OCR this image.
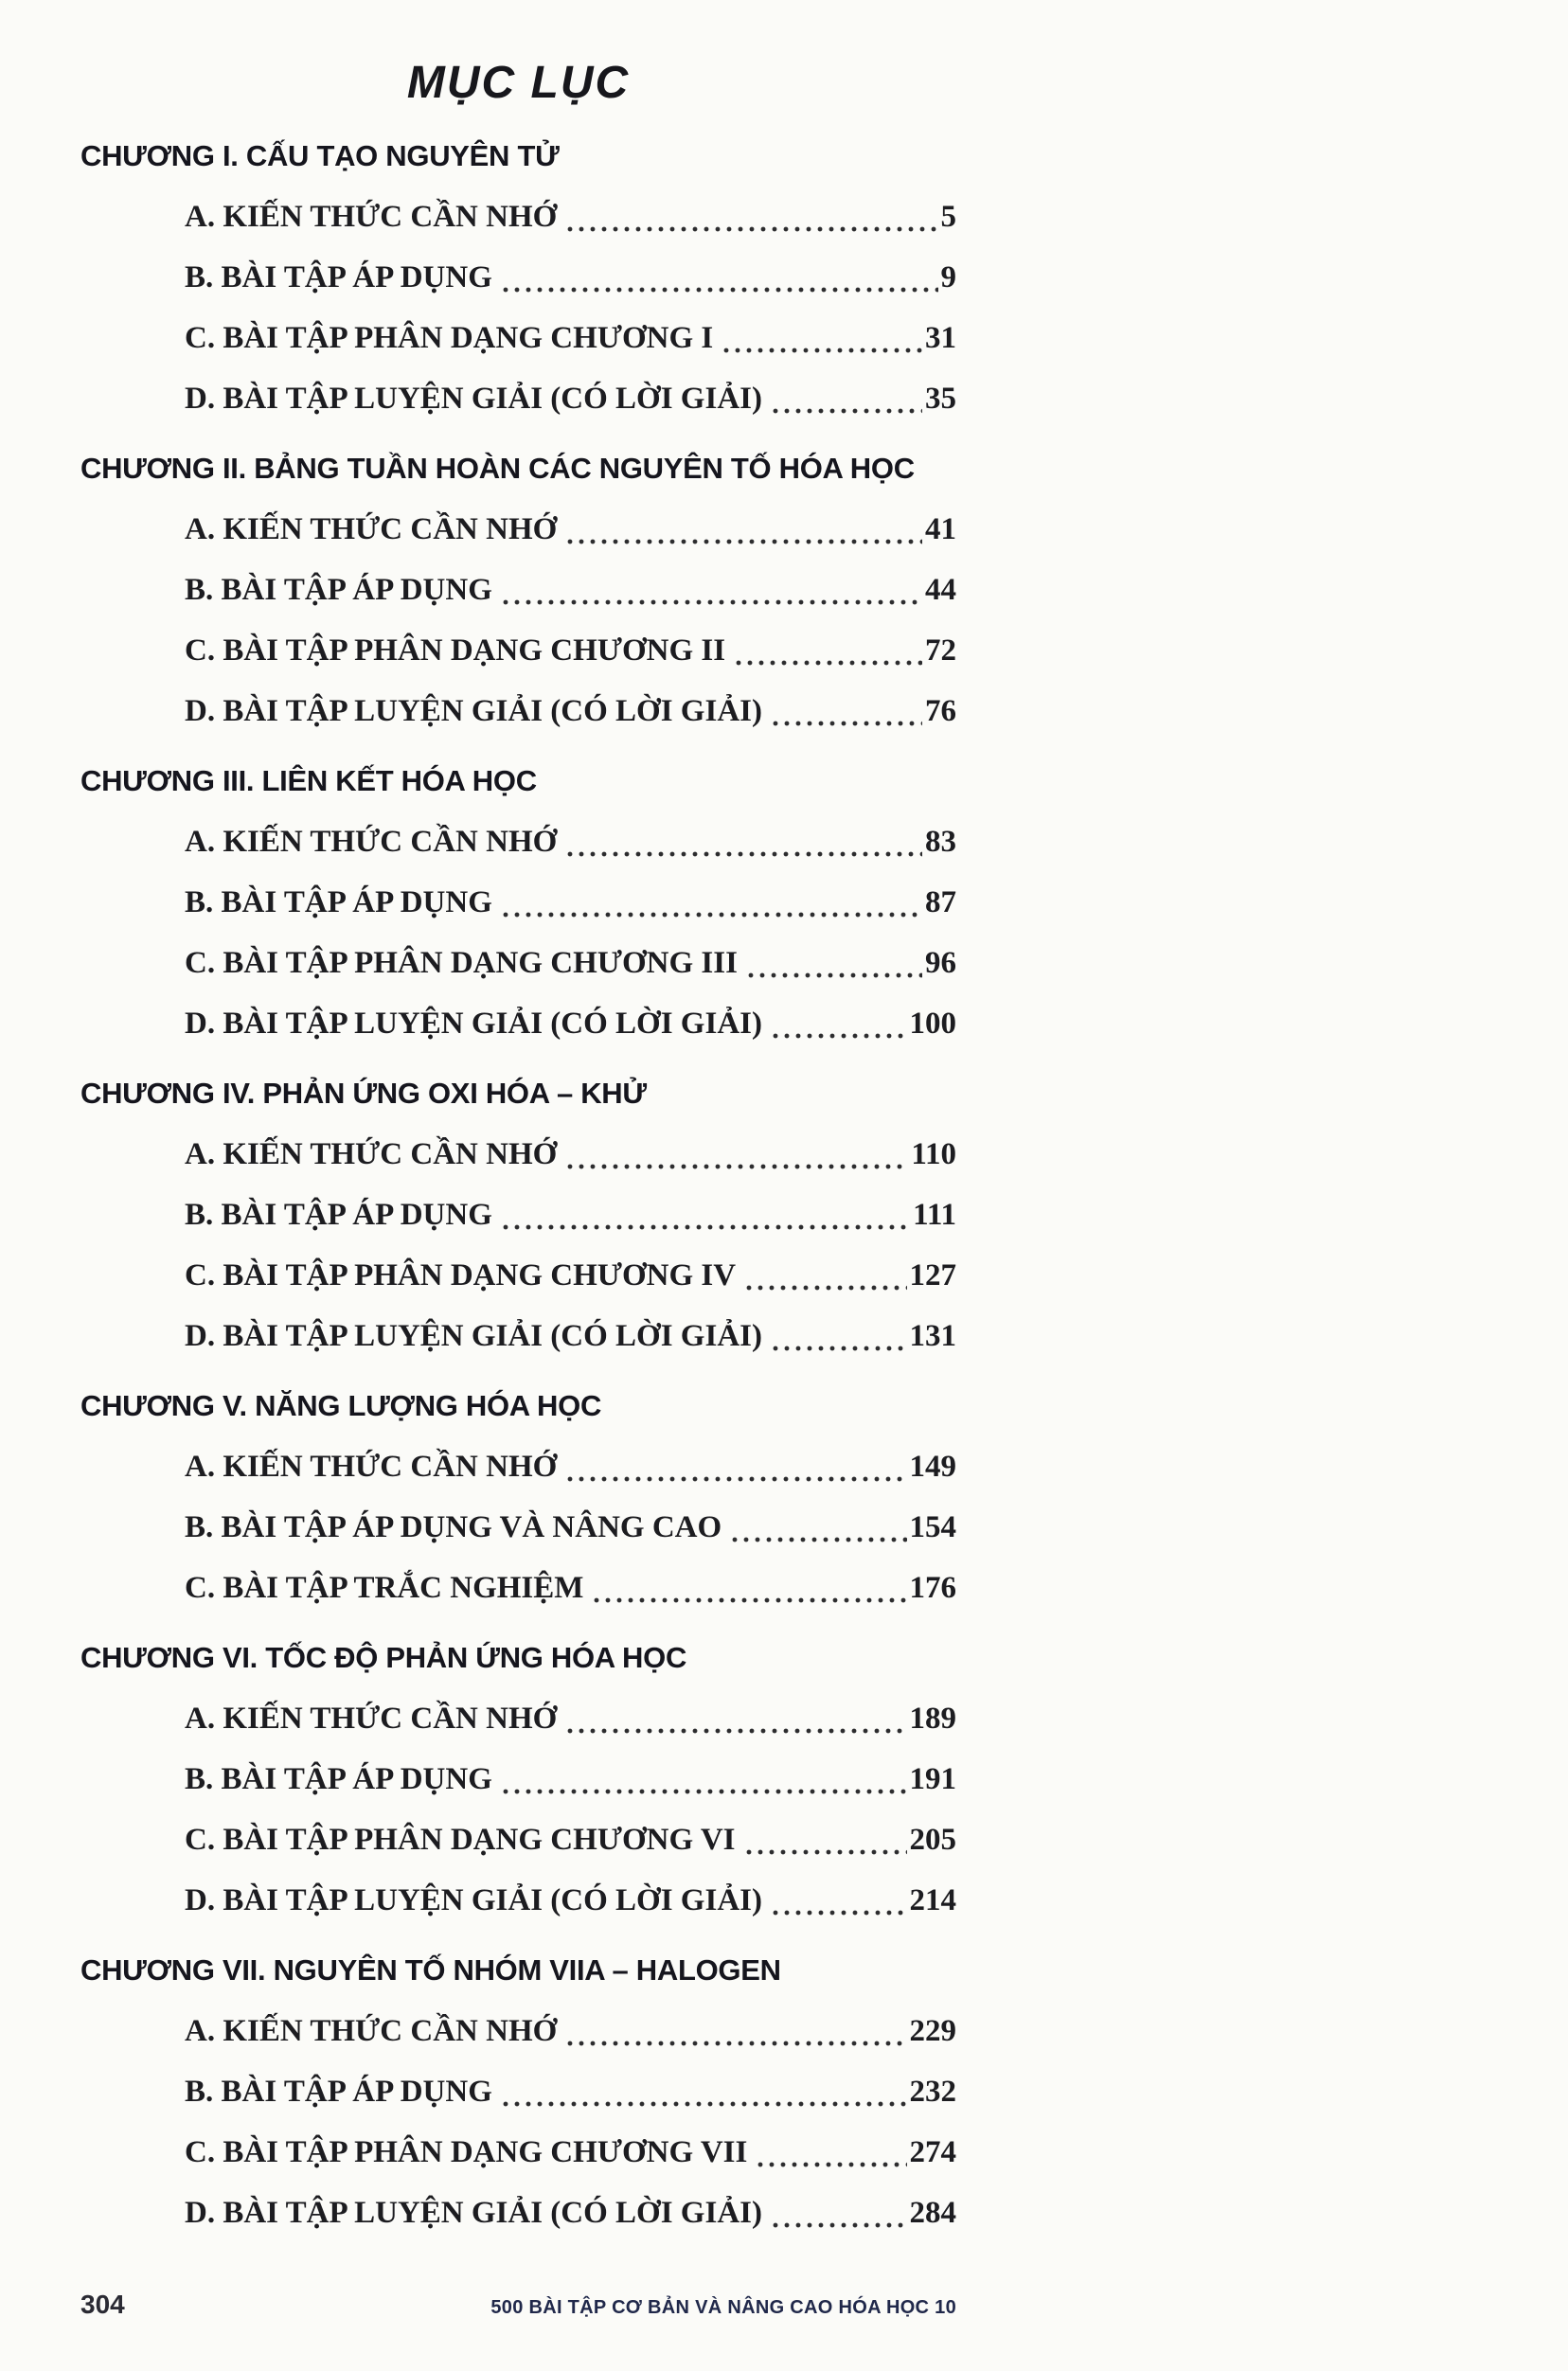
MỤC LỤC
CHƯƠNG I. CẤU TẠO NGUYÊN TỬ
A. KIẾN THỨC CẦN NHỚ	5
B. BÀI TẬP ÁP DỤNG	9
C. BÀI TẬP PHÂN DẠNG CHƯƠNG I	31
D. BÀI TẬP LUYỆN GIẢI (CÓ LỜI GIẢI)	35
CHƯƠNG II. BẢNG TUẦN HOÀN CÁC NGUYÊN TỐ HÓA HỌC
A. KIẾN THỨC CẦN NHỚ	41
B. BÀI TẬP ÁP DỤNG	44
C. BÀI TẬP PHÂN DẠNG CHƯƠNG II	72
D. BÀI TẬP LUYỆN GIẢI (CÓ LỜI GIẢI)	76
CHƯƠNG III. LIÊN KẾT HÓA HỌC
A. KIẾN THỨC CẦN NHỚ	83
B. BÀI TẬP ÁP DỤNG	87
C. BÀI TẬP PHÂN DẠNG CHƯƠNG III	96
D. BÀI TẬP LUYỆN GIẢI (CÓ LỜI GIẢI)	100
CHƯƠNG IV. PHẢN ỨNG OXI HÓA – KHỬ
A. KIẾN THỨC CẦN NHỚ	110
B. BÀI TẬP ÁP DỤNG	111
C. BÀI TẬP PHÂN DẠNG CHƯƠNG IV	127
D. BÀI TẬP LUYỆN GIẢI (CÓ LỜI GIẢI)	131
CHƯƠNG V. NĂNG LƯỢNG HÓA HỌC
A. KIẾN THỨC CẦN NHỚ	149
B. BÀI TẬP ÁP DỤNG VÀ NÂNG CAO	154
C. BÀI TẬP TRẮC NGHIỆM	176
CHƯƠNG VI. TỐC ĐỘ PHẢN ỨNG HÓA HỌC
A. KIẾN THỨC CẦN NHỚ	189
B. BÀI TẬP ÁP DỤNG	191
C. BÀI TẬP PHÂN DẠNG CHƯƠNG VI	205
D. BÀI TẬP LUYỆN GIẢI (CÓ LỜI GIẢI)	214
CHƯƠNG VII. NGUYÊN TỐ NHÓM VIIA – HALOGEN
A. KIẾN THỨC CẦN NHỚ	229
B. BÀI TẬP ÁP DỤNG	232
C. BÀI TẬP PHÂN DẠNG CHƯƠNG VII	274
D. BÀI TẬP LUYỆN GIẢI (CÓ LỜI GIẢI)	284
304	500 BÀI TẬP CƠ BẢN VÀ NÂNG CAO HÓA HỌC 10
